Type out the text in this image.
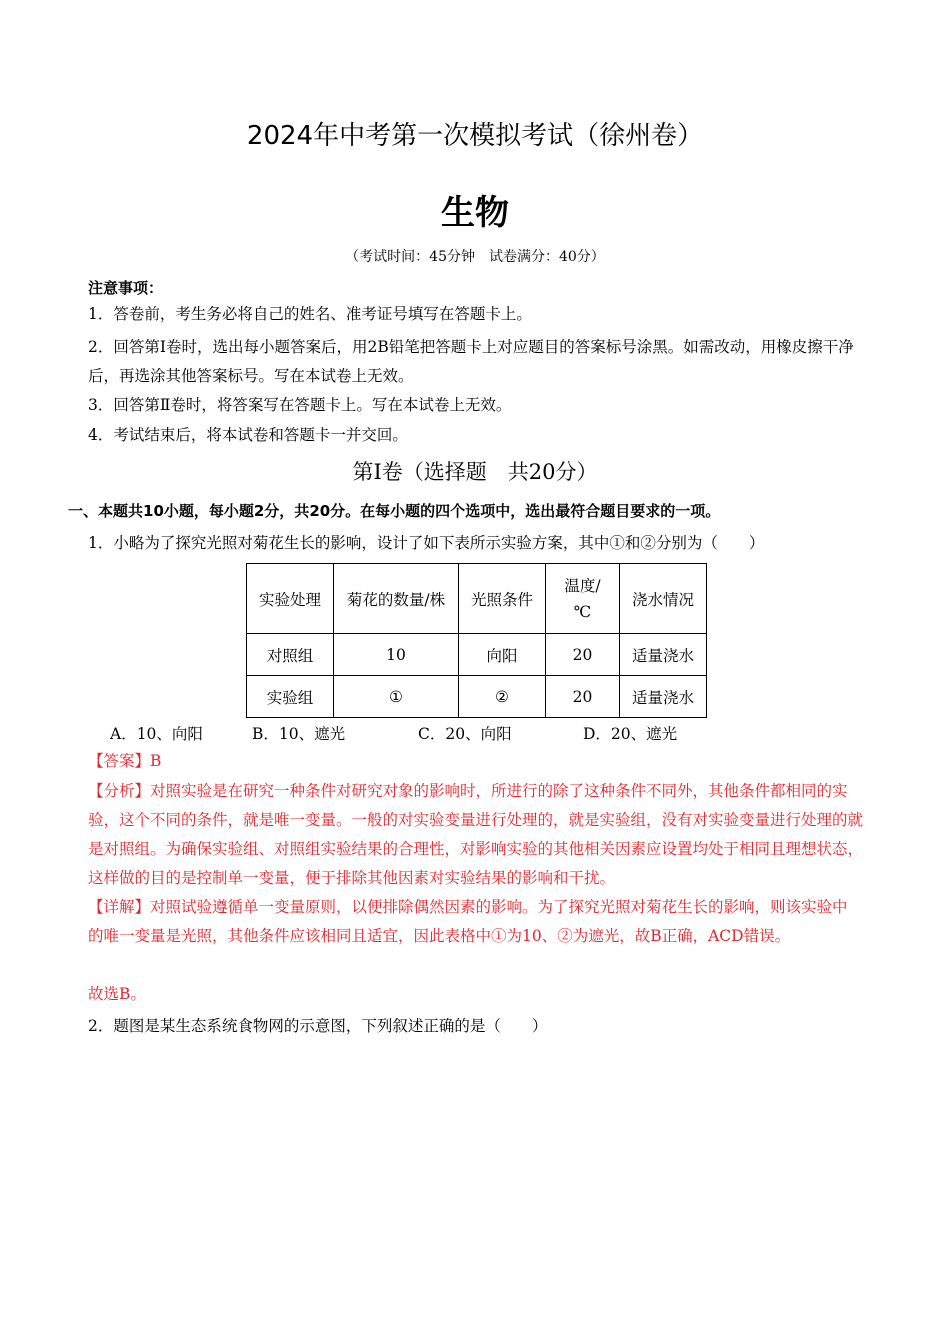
2024年中考第一次模拟考试（徐州卷）
生物
（考试时间：45分钟　试卷满分：40分）
注意事项：
1．答卷前，考生务必将自己的姓名、准考证号填写在答题卡上。
2．回答第Ⅰ卷时，选出每小题答案后，用2B铅笔把答题卡上对应题目的答案标号涂黑。如需改动，用橡皮擦干净后，再选涂其他答案标号。写在本试卷上无效。
3．回答第Ⅱ卷时，将答案写在答题卡上。写在本试卷上无效。
4．考试结束后，将本试卷和答题卡一并交回。
第Ⅰ卷（选择题　共20分）
一、本题共10小题，每小题2分，共20分。在每小题的四个选项中，选出最符合题目要求的一项。
1．小略为了探究光照对菊花生长的影响，设计了如下表所示实验方案，其中①和②分别为（　　）
实验处理	菊花的数量/株	光照条件	温度/
℃	浇水情况
对照组	10	向阳	20	适量浇水
实验组	①	②	20	适量浇水
A．10、向阳	B．10、遮光	C．20、向阳	D．20、遮光
【答案】B
【分析】对照实验是在研究一种条件对研究对象的影响时，所进行的除了这种条件不同外，其他条件都相同的实验，这个不同的条件，就是唯一变量。一般的对实验变量进行处理的，就是实验组，没有对实验变量进行处理的就是对照组。为确保实验组、对照组实验结果的合理性，对影响实验的其他相关因素应设置均处于相同且理想状态，这样做的目的是控制单一变量，便于排除其他因素对实验结果的影响和干扰。
【详解】对照试验遵循单一变量原则，以便排除偶然因素的影响。为了探究光照对菊花生长的影响，则该实验中的唯一变量是光照，其他条件应该相同且适宜，因此表格中①为10、②为遮光，故B正确，ACD错误。
故选B。
2．题图是某生态系统食物网的示意图，下列叙述正确的是（　　）
